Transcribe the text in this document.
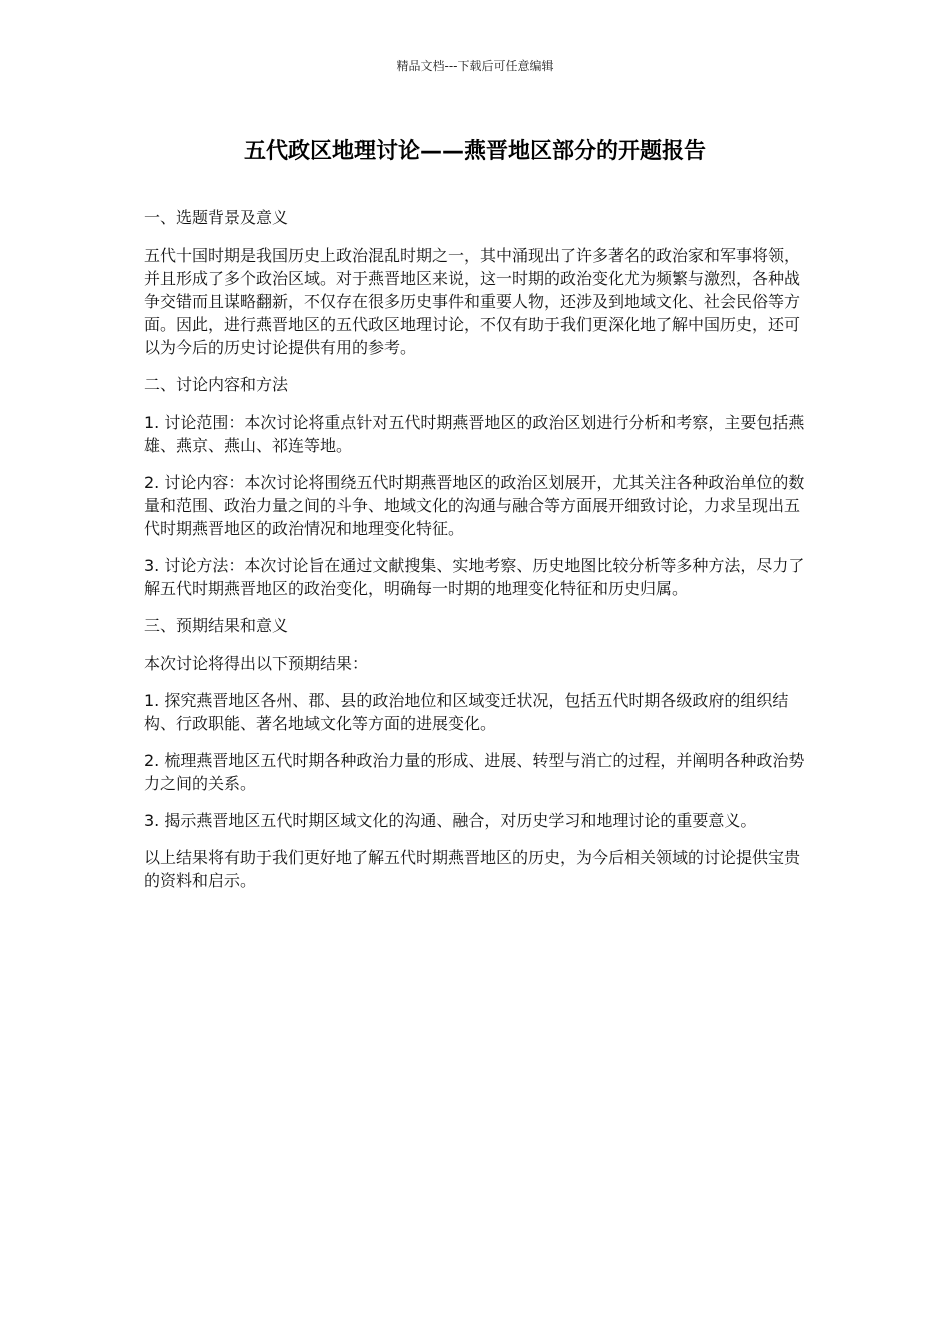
精品文档---下载后可任意编辑
五代政区地理讨论——燕晋地区部分的开题报告

一、选题背景及意义

五代十国时期是我国历史上政治混乱时期之一，其中涌现出了许多著名的政治家和军事将领，并且形成了多个政治区域。对于燕晋地区来说，这一时期的政治变化尤为频繁与激烈，各种战争交错而且谋略翻新，不仅存在很多历史事件和重要人物，还涉及到地域文化、社会民俗等方面。因此，进行燕晋地区的五代政区地理讨论，不仅有助于我们更深化地了解中国历史，还可以为今后的历史讨论提供有用的参考。

二、讨论内容和方法

1. 讨论范围：本次讨论将重点针对五代时期燕晋地区的政治区划进行分析和考察，主要包括燕雄、燕京、燕山、祁连等地。

2. 讨论内容：本次讨论将围绕五代时期燕晋地区的政治区划展开，尤其关注各种政治单位的数量和范围、政治力量之间的斗争、地域文化的沟通与融合等方面展开细致讨论，力求呈现出五代时期燕晋地区的政治情况和地理变化特征。

3. 讨论方法：本次讨论旨在通过文献搜集、实地考察、历史地图比较分析等多种方法，尽力了解五代时期燕晋地区的政治变化，明确每一时期的地理变化特征和历史归属。

三、预期结果和意义

本次讨论将得出以下预期结果：

1. 探究燕晋地区各州、郡、县的政治地位和区域变迁状况，包括五代时期各级政府的组织结构、行政职能、著名地域文化等方面的进展变化。

2. 梳理燕晋地区五代时期各种政治力量的形成、进展、转型与消亡的过程，并阐明各种政治势力之间的关系。

3. 揭示燕晋地区五代时期区域文化的沟通、融合，对历史学习和地理讨论的重要意义。

以上结果将有助于我们更好地了解五代时期燕晋地区的历史，为今后相关领域的讨论提供宝贵的资料和启示。
